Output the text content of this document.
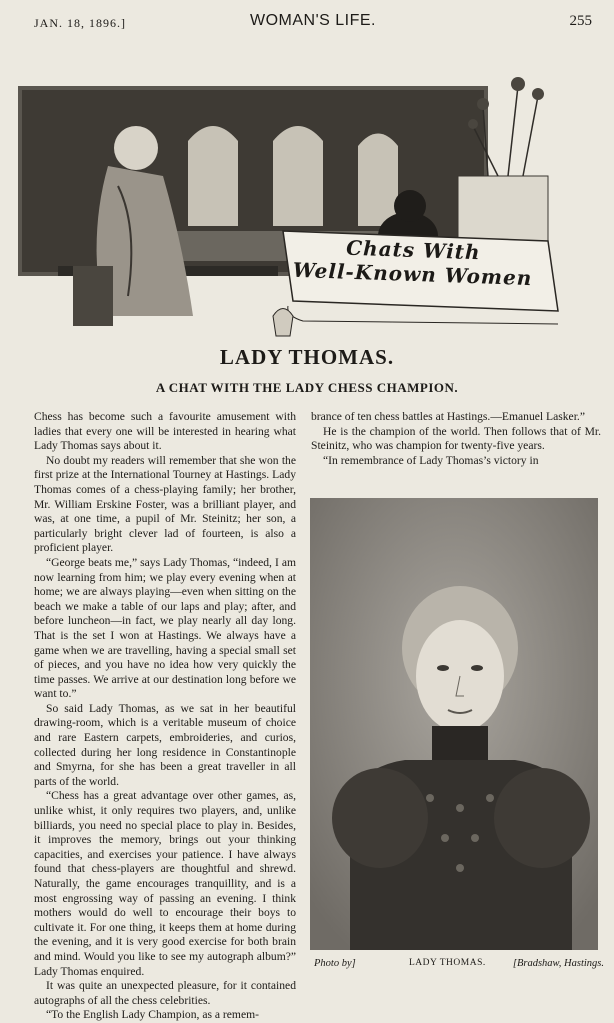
JAN. 18, 1896.]	WOMAN'S LIFE.	255
Chats With
Well-Known Women
LADY THOMAS.
A CHAT WITH THE LADY CHESS CHAMPION.

Chess has become such a favourite amusement with ladies that every one will be interested in hearing what Lady Thomas says about it.

No doubt my readers will remember that she won the first prize at the International Tourney at Hastings. Lady Thomas comes of a chess-playing family; her brother, Mr. William Erskine Foster, was a brilliant player, and was, at one time, a pupil of Mr. Steinitz; her son, a particularly bright clever lad of fourteen, is also a proficient player.

“George beats me,” says Lady Thomas, “indeed, I am now learning from him; we play every evening when at home; we are always playing—even when sitting on the beach we make a table of our laps and play; after, and before luncheon—in fact, we play nearly all day long. That is the set I won at Hastings. We always have a game when we are travelling, having a special small set of pieces, and you have no idea how very quickly the time passes. We arrive at our destination long before we want to.”

So said Lady Thomas, as we sat in her beautiful drawing-room, which is a veritable museum of choice and rare Eastern carpets, embroideries, and curios, collected during her long residence in Constantinople and Smyrna, for she has been a great traveller in all parts of the world.

“Chess has a great advantage over other games, as, unlike whist, it only requires two players, and, unlike billiards, you need no special place to play in. Besides, it improves the memory, brings out your thinking capacities, and exercises your patience. I have always found that chess-players are thoughtful and shrewd. Naturally, the game encourages tranquillity, and is a most engrossing way of passing an evening. I think mothers would do well to encourage their boys to cultivate it. For one thing, it keeps them at home during the evening, and it is very good exercise for both brain and mind. Would you like to see my autograph album?” Lady Thomas enquired.

It was quite an unexpected pleasure, for it contained autographs of all the chess celebrities.

“To the English Lady Champion, as a remem-

brance of ten chess battles at Hastings.—Emanuel Lasker.”

He is the champion of the world. Then follows that of Mr. Steinitz, who was champion for twenty-five years.

“In remembrance of Lady Thomas’s victory in

Photo by]	LADY THOMAS.	[Bradshaw, Hastings.
